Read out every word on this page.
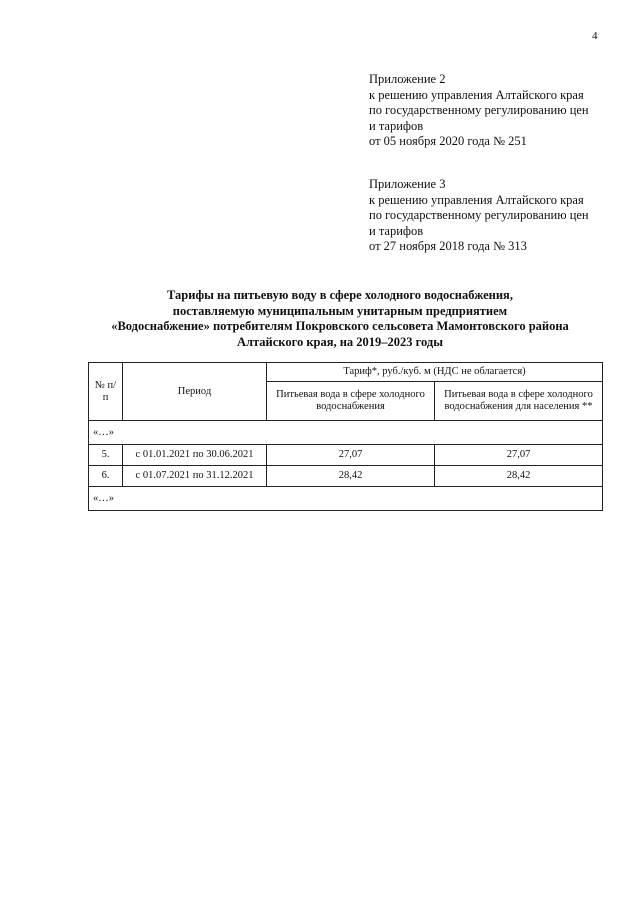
4
Приложение 2
к решению управления Алтайского края
по государственному регулированию цен
и тарифов
от 05 ноября 2020 года № 251
Приложение 3
к решению управления Алтайского края
по государственному регулированию цен
и тарифов
от 27 ноября 2018 года № 313
Тарифы на питьевую воду в сфере холодного водоснабжения,
поставляемую муниципальным унитарным предприятием
«Водоснабжение» потребителям Покровского сельсовета Мамонтовского района
Алтайского края, на 2019–2023 годы
№ п/п	Период	Тариф*, руб./куб. м (НДС не облагается)	
		Питьевая вода в сфере холодного водоснабжения	Питьевая вода в сфере холодного водоснабжения для населения **
«…»			
5.	с 01.01.2021 по 30.06.2021	27,07	27,07
6.	с 01.07.2021 по 31.12.2021	28,42	28,42
«…»			
